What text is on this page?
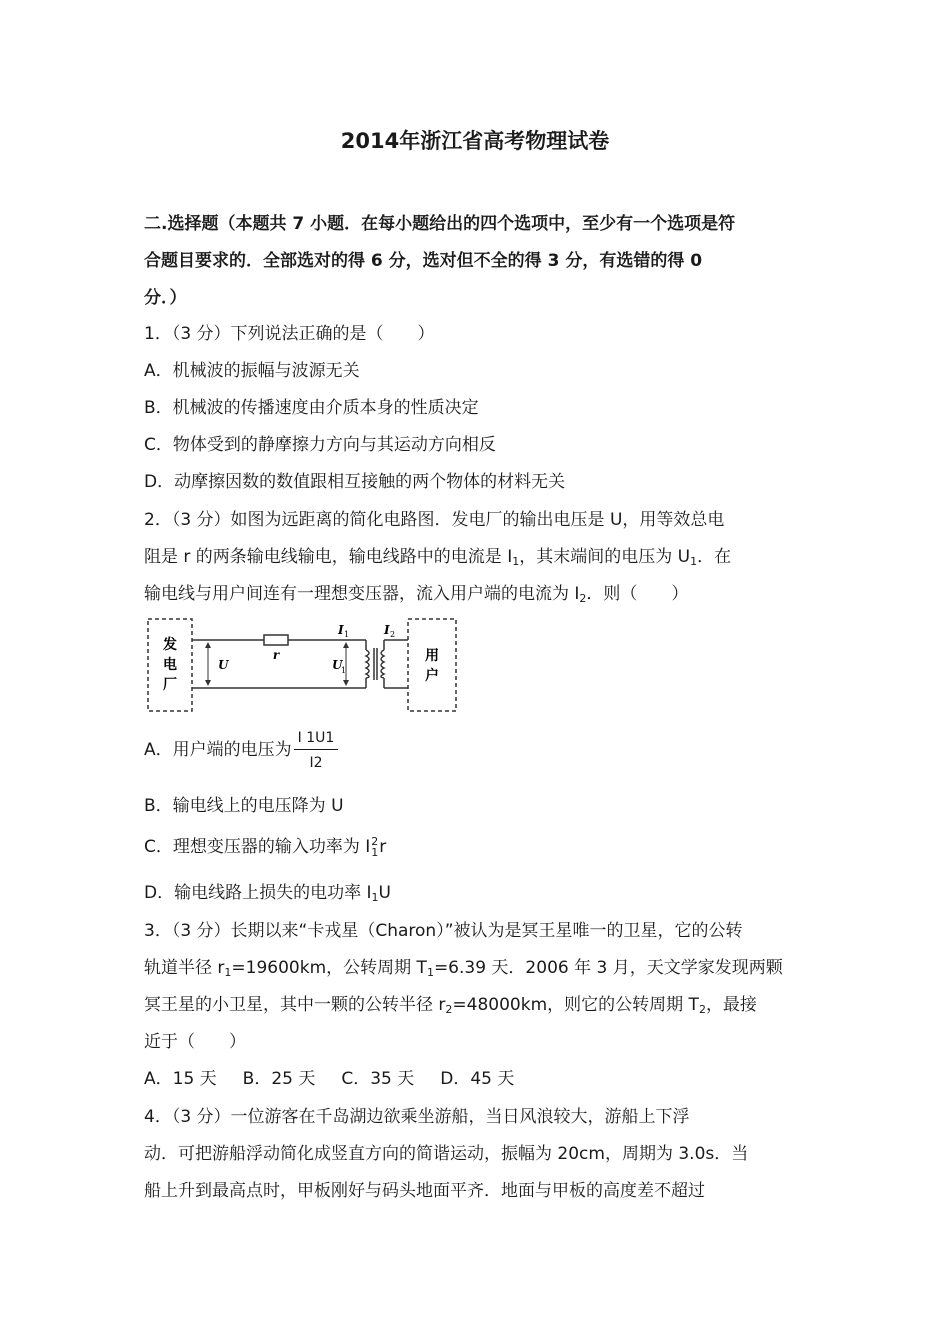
2014年浙江省高考物理试卷
二.选择题（本题共 7 小题．在每小题给出的四个选项中，至少有一个选项是符
合题目要求的．全部选对的得 6 分，选对但不全的得 3 分，有选错的得 0
分．）
1．（3 分）下列说法正确的是（　　）
A．机械波的振幅与波源无关
B．机械波的传播速度由介质本身的性质决定
C．物体受到的静摩擦力方向与其运动方向相反
D．动摩擦因数的数值跟相互接触的两个物体的材料无关
2．（3 分）如图为远距离的简化电路图．发电厂的输出电压是 U，用等效总电
阻是 r 的两条输电线输电，输电线路中的电流是 $I_1$，其末端间的电压为 $U_1$．在
输电线与用户间连有一理想变压器，流入用户端的电流为 $I_2$．则（　　）
发
电
厂
r
U	U
1
I 1	I 2
用
户
A．用户端的电压为 $\frac{I 1U1}{I2}$
B．输电线上的电压降为 U
C．理想变压器的输入功率为 I 2
1 r
D．输电线路上损失的电功率 $I_1U$
3．（3 分）长期以来“卡戎星（Charon）”被认为是冥王星唯一的卫星，它的公转
轨道半径 $r_1=19600km$，公转周期 $T_1=6.39$ 天．2006 年 3 月，天文学家发现两颗
冥王星的小卫星，其中一颗的公转半径 $r_2=48000km$，则它的公转周期 $T_2$，最接
近于（　　）
A．15 天 B．25 天 C．35 天 D．45 天
4．（3 分）一位游客在千岛湖边欲乘坐游船，当日风浪较大，游船上下浮
动．可把游船浮动简化成竖直方向的简谐运动，振幅为 20cm，周期为 3.0s．当
船上升到最高点时，甲板刚好与码头地面平齐．地面与甲板的高度差不超过
